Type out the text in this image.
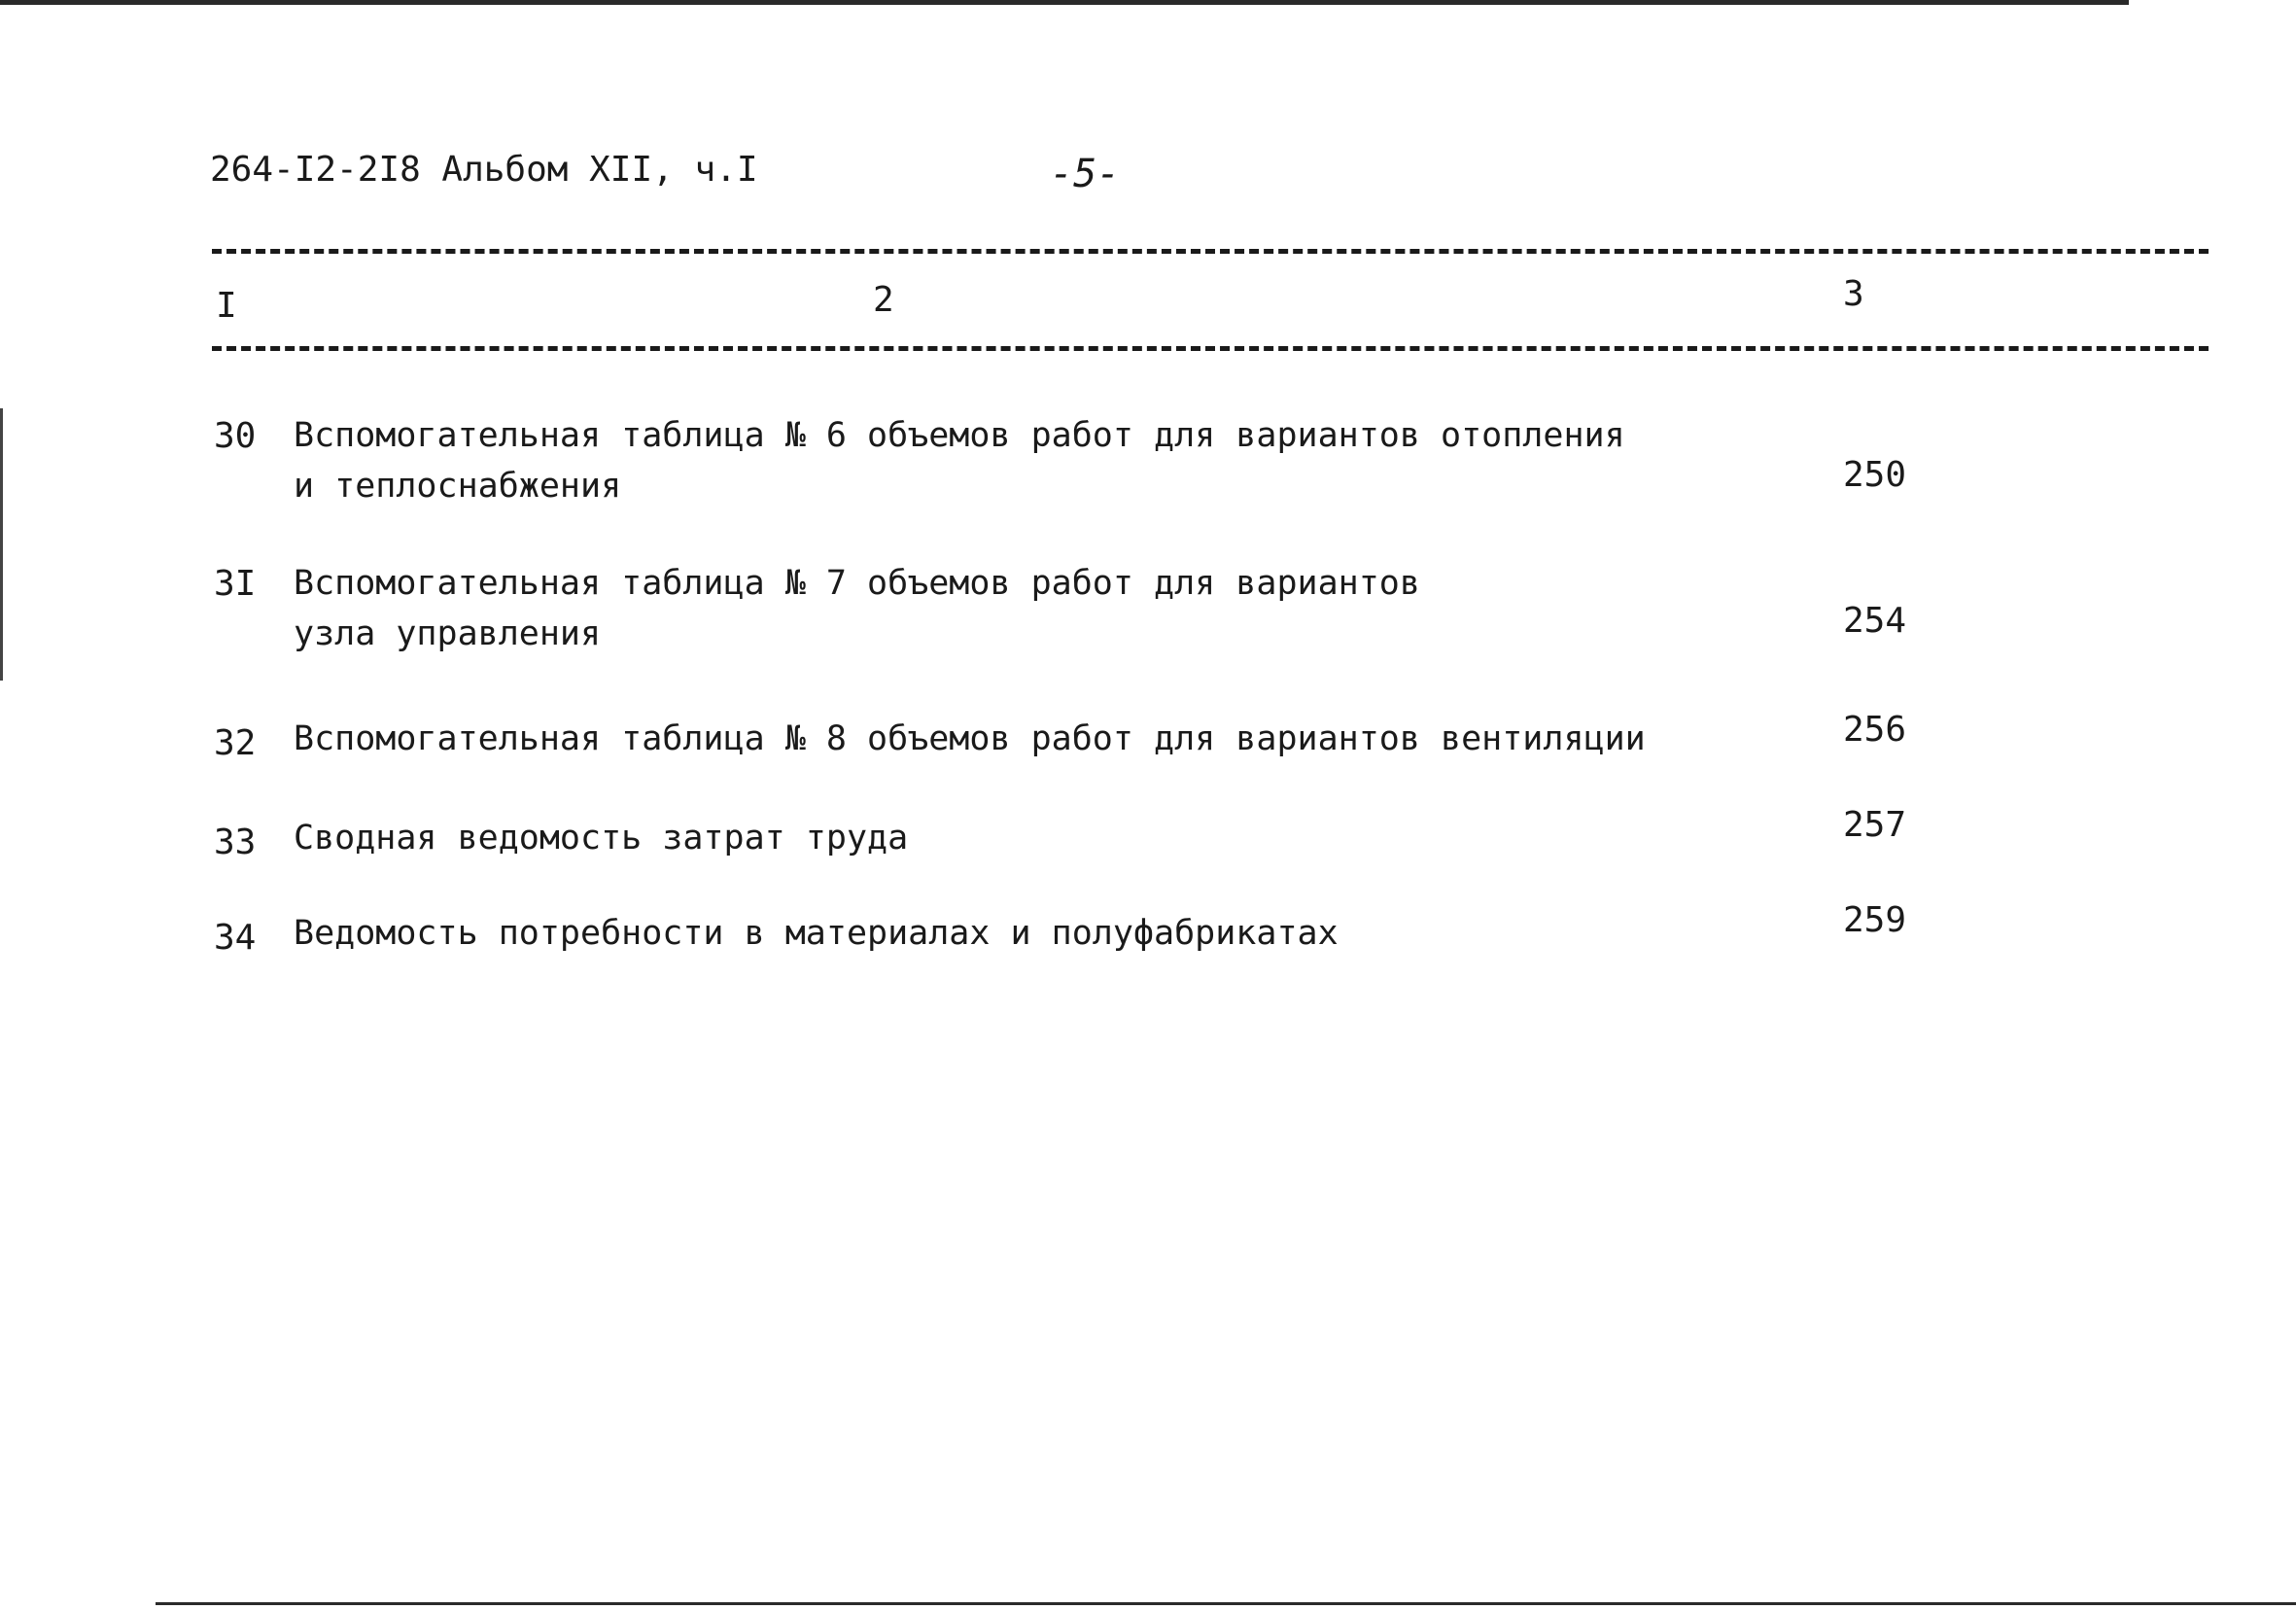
264-I2-2I8 Альбом XII, ч.I	-5-
I	2	3
30 Вспомогательная таблица № 6 объемов работ для вариантов отопления
и теплоснабжения	250
3I Вспомогательная таблица № 7 объемов работ для вариантов
узла управления	254
32 Вспомогательная таблица № 8 объемов работ для вариантов вентиляции	256
33 Сводная ведомость затрат труда	257
34 Ведомость потребности в материалах и полуфабрикатах	259
